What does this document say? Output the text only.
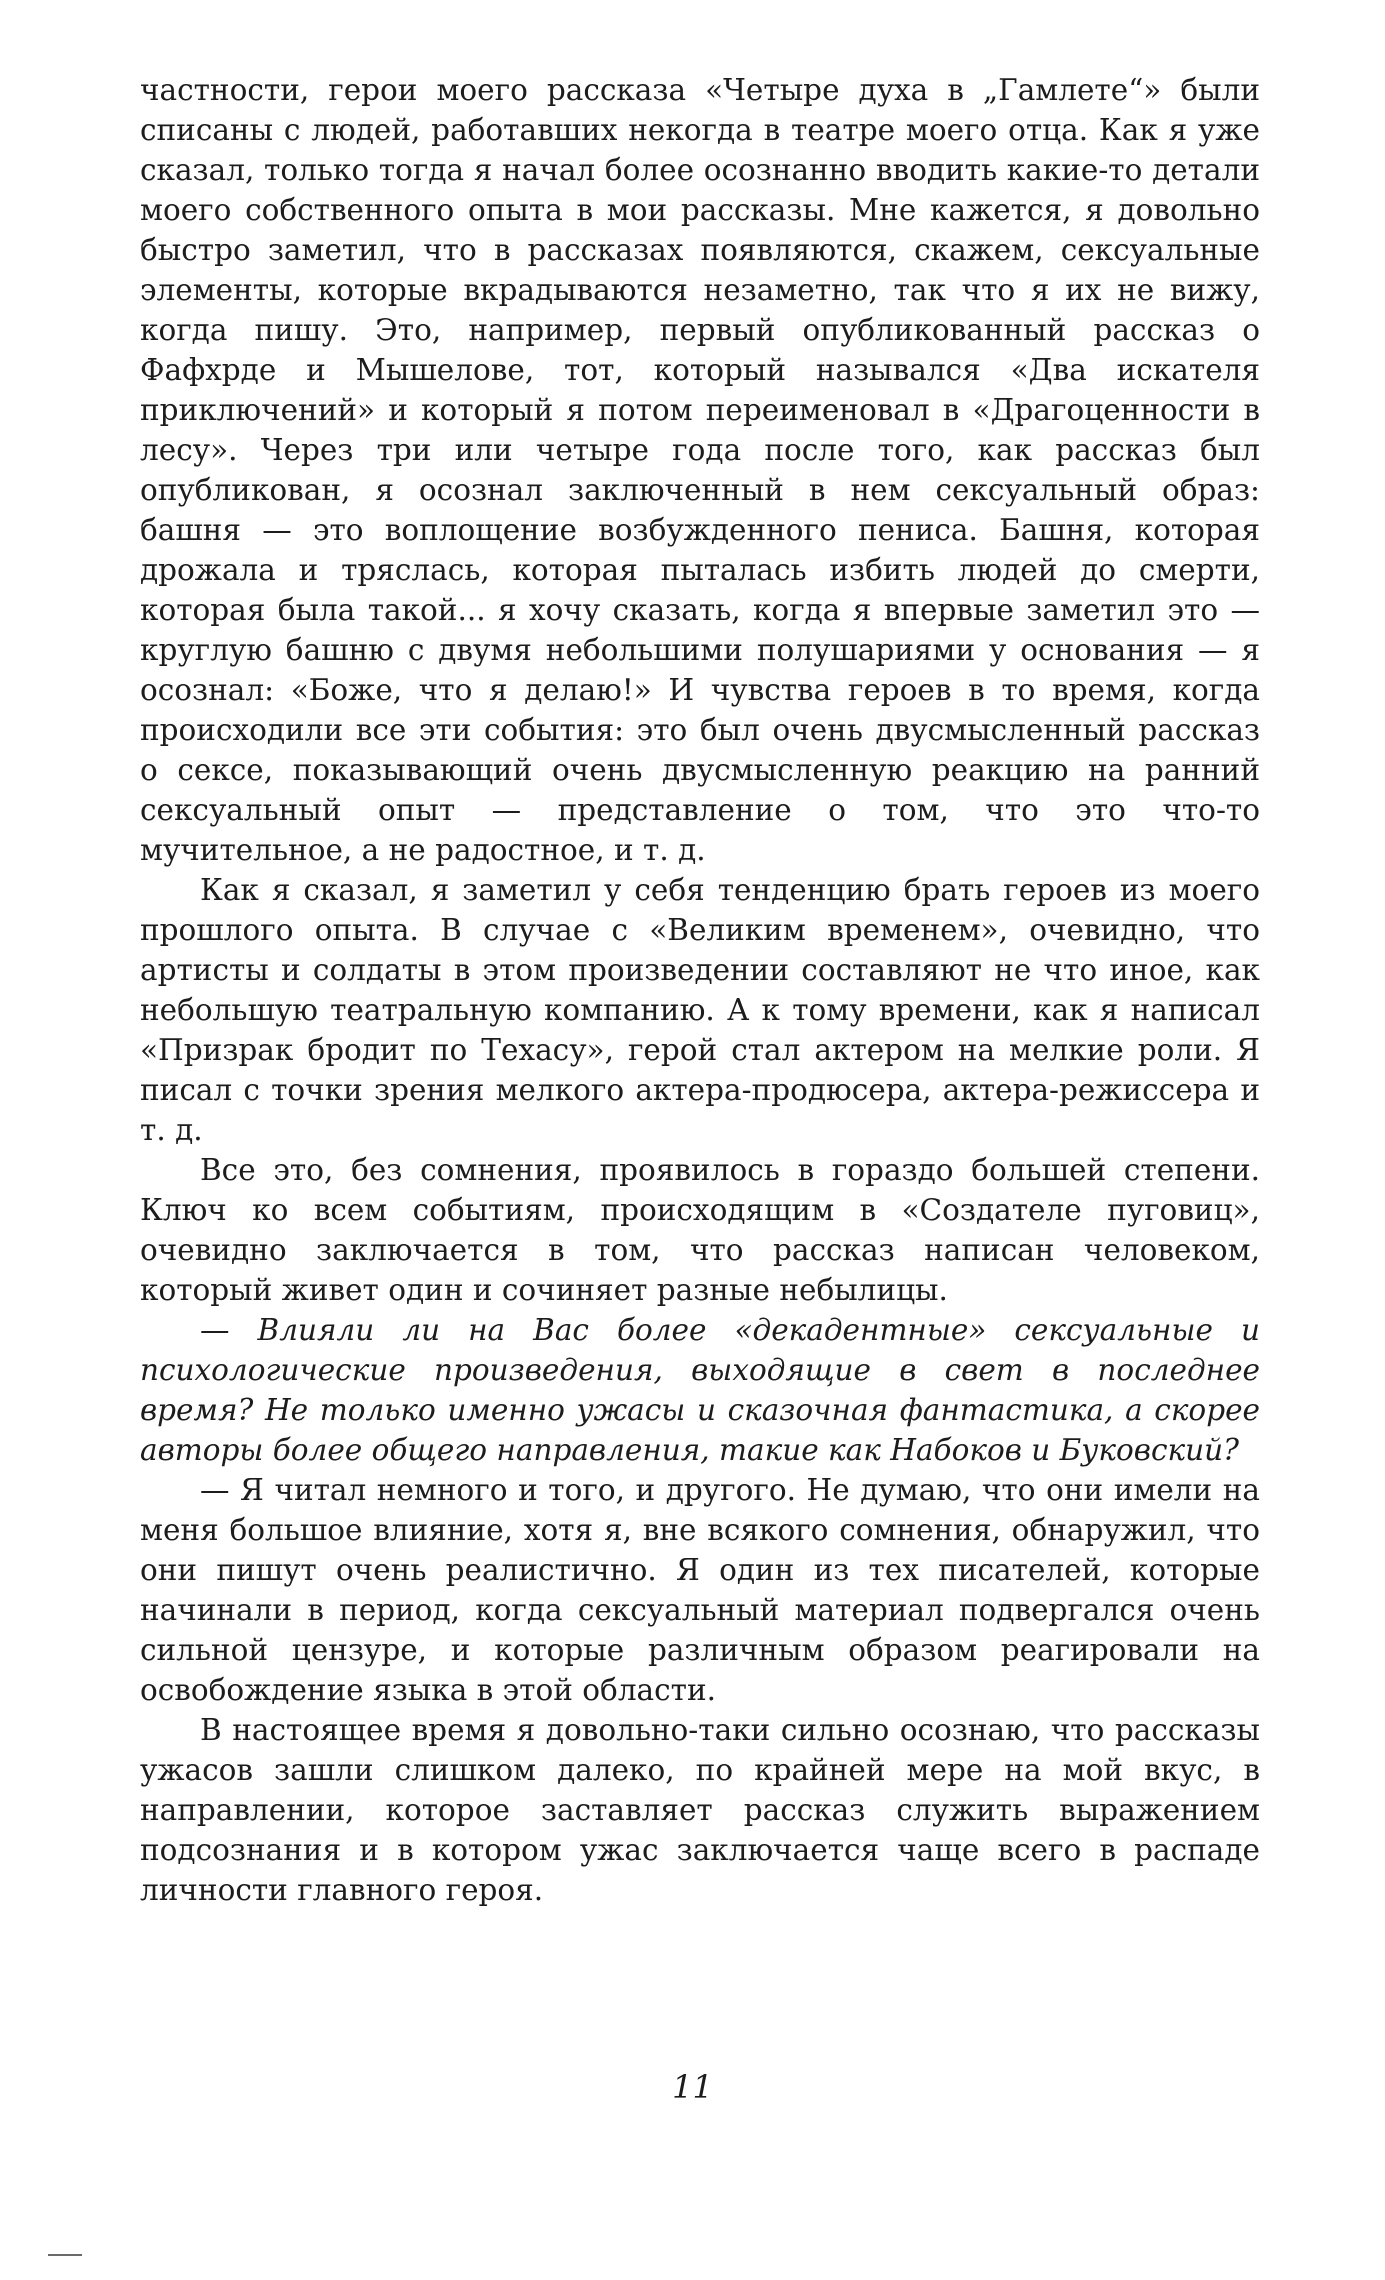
частности, герои моего рассказа «Четыре духа в „Гамлете“» были списаны с людей, работавших некогда в театре моего отца. Как я уже сказал, только тогда я начал более осознанно вводить какие-то детали моего собственного опыта в мои рассказы. Мне кажется, я довольно быстро заметил, что в рассказах появляются, скажем, сексуальные элементы, которые вкрадываются незаметно, так что я их не вижу, когда пишу. Это, например, первый опубликованный рассказ о Фафхрде и Мышелове, тот, который назывался «Два искателя приключений» и который я потом переименовал в «Драгоценности в лесу». Через три или четыре года после того, как рассказ был опубликован, я осознал заключенный в нем сексуальный образ: башня — это воплощение возбужденного пениса. Башня, которая дрожала и тряслась, которая пыталась избить людей до смерти, которая была такой... я хочу сказать, когда я впервые заметил это — круглую башню с двумя небольшими полушариями у основания — я осознал: «Боже, что я делаю!» И чувства героев в то время, когда происходили все эти события: это был очень двусмысленный рассказ о сексе, показывающий очень двусмысленную реакцию на ранний сексуальный опыт — представление о том, что это что-то мучительное, а не радостное, и т. д.

Как я сказал, я заметил у себя тенденцию брать героев из моего прошлого опыта. В случае с «Великим временем», очевидно, что артисты и солдаты в этом произведении составляют не что иное, как небольшую театральную компанию. А к тому времени, как я написал «Призрак бродит по Техасу», герой стал актером на мелкие роли. Я писал с точки зрения мелкого актера-продюсера, актера-режиссера и т. д.

Все это, без сомнения, проявилось в гораздо большей степени. Ключ ко всем событиям, происходящим в «Создателе пуговиц», очевидно заключается в том, что рассказ написан человеком, который живет один и сочиняет разные небылицы.

— Влияли ли на Вас более «декадентные» сексуальные и психологические произведения, выходящие в свет в последнее время? Не только именно ужасы и сказочная фантастика, а скорее авторы более общего направления, такие как Набоков и Буковский?

— Я читал немного и того, и другого. Не думаю, что они имели на меня большое влияние, хотя я, вне всякого сомнения, обнаружил, что они пишут очень реалистично. Я один из тех писателей, которые начинали в период, когда сексуальный материал подвергался очень сильной цензуре, и которые различным образом реагировали на освобождение языка в этой области.

В настоящее время я довольно-таки сильно осознаю, что рассказы ужасов зашли слишком далеко, по крайней мере на мой вкус, в направлении, которое заставляет рассказ служить выражением подсознания и в котором ужас заключается чаще всего в распаде личности главного героя.

11
